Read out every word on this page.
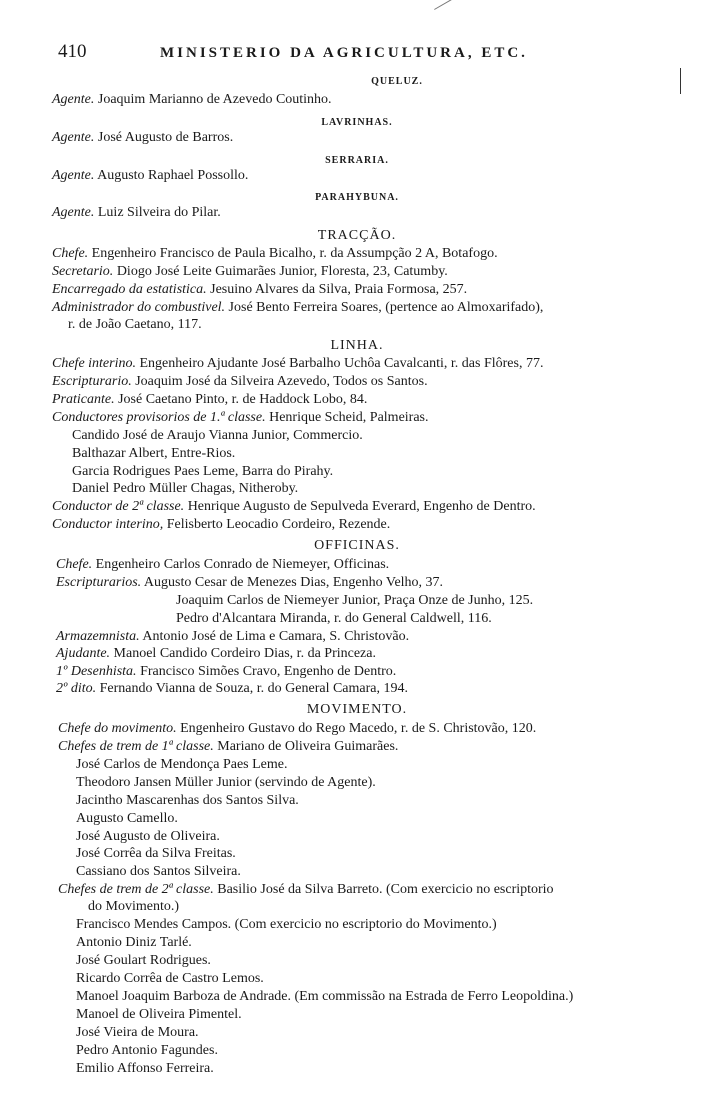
410	MINISTERIO DA AGRICULTURA, ETC.
QUELUZ.
Agente. Joaquim Marianno de Azevedo Coutinho.
LAVRINHAS.
Agente. José Augusto de Barros.
SERRARIA.
Agente. Augusto Raphael Possollo.
PARAHYBUNA.
Agente. Luiz Silveira do Pilar.
TRACÇÃO.
Chefe. Engenheiro Francisco de Paula Bicalho, r. da Assumpção 2 A, Botafogo.
Secretario. Diogo José Leite Guimarães Junior, Floresta, 23, Catumby.
Encarregado da estatistica. Jesuino Alvares da Silva, Praia Formosa, 257.
Administrador do combustivel. José Bento Ferreira Soares, (pertence ao Almoxarifado),
r. de João Caetano, 117.
LINHA.
Chefe interino. Engenheiro Ajudante José Barbalho Uchôa Cavalcanti, r. das Flôres, 77.
Escripturario. Joaquim José da Silveira Azevedo, Todos os Santos.
Praticante. José Caetano Pinto, r. de Haddock Lobo, 84.
Conductores provisorios de 1.ª classe. Henrique Scheid, Palmeiras.
Candido José de Araujo Vianna Junior, Commercio.
Balthazar Albert, Entre-Rios.
Garcia Rodrigues Paes Leme, Barra do Pirahy.
Daniel Pedro Müller Chagas, Nitheroby.
Conductor de 2ª classe. Henrique Augusto de Sepulveda Everard, Engenho de Dentro.
Conductor interino, Felisberto Leocadio Cordeiro, Rezende.
OFFICINAS.
Chefe. Engenheiro Carlos Conrado de Niemeyer, Officinas.
Escripturarios. Augusto Cesar de Menezes Dias, Engenho Velho, 37.
Joaquim Carlos de Niemeyer Junior, Praça Onze de Junho, 125.
Pedro d'Alcantara Miranda, r. do General Caldwell, 116.
Armazemnista. Antonio José de Lima e Camara, S. Christovão.
Ajudante. Manoel Candido Cordeiro Dias, r. da Princeza.
1º Desenhista. Francisco Simões Cravo, Engenho de Dentro.
2º dito. Fernando Vianna de Souza, r. do General Camara, 194.
MOVIMENTO.
Chefe do movimento. Engenheiro Gustavo do Rego Macedo, r. de S. Christovão, 120.
Chefes de trem de 1ª classe. Mariano de Oliveira Guimarães.
José Carlos de Mendonça Paes Leme.
Theodoro Jansen Müller Junior (servindo de Agente).
Jacintho Mascarenhas dos Santos Silva.
Augusto Camello.
José Augusto de Oliveira.
José Corrêa da Silva Freitas.
Cassiano dos Santos Silveira.
Chefes de trem de 2ª classe. Basilio José da Silva Barreto. (Com exercicio no escriptorio
do Movimento.)
Francisco Mendes Campos. (Com exercicio no escriptorio do Movimento.)
Antonio Diniz Tarlé.
José Goulart Rodrigues.
Ricardo Corrêa de Castro Lemos.
Manoel Joaquim Barboza de Andrade. (Em commissão na Estrada de Ferro Leopoldina.)
Manoel de Oliveira Pimentel.
José Vieira de Moura.
Pedro Antonio Fagundes.
Emilio Affonso Ferreira.
